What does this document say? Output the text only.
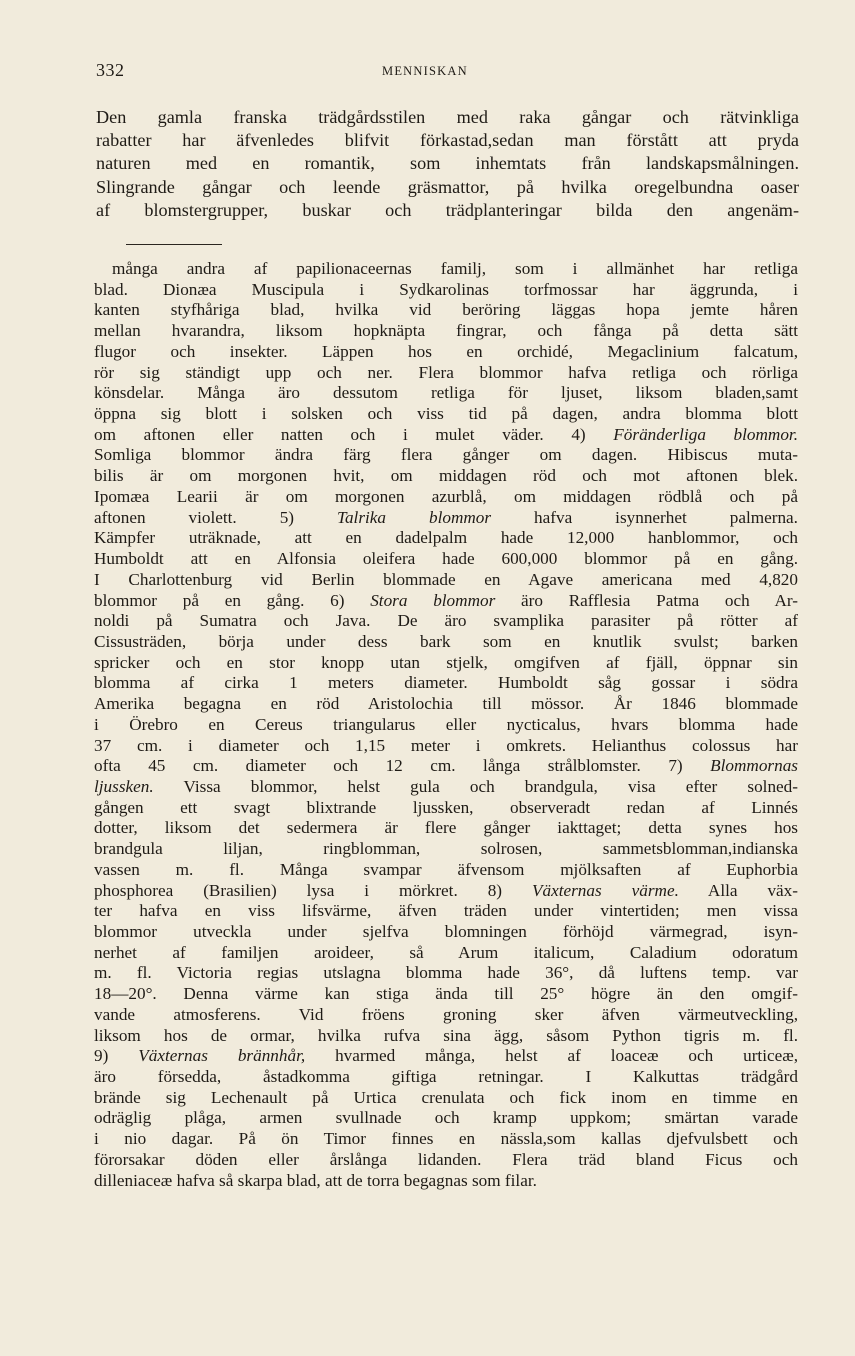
332	MENNISKAN
Den gamla franska trädgårdsstilen med raka gångar och rätvinkliga
rabatter har äfvenledes blifvit förkastad,sedan man förstått att pryda
naturen med en romantik, som inhemtats från landskapsmålningen.
Slingrande gångar och leende gräsmattor, på hvilka oregelbundna oaser
af blomstergrupper, buskar och trädplanteringar bilda den angenäm-
många andra af papilionaceernas familj, som i allmänhet har retliga
blad. Dionæa Muscipula i Sydkarolinas torfmossar har äggrunda, i
kanten styfhåriga blad, hvilka vid beröring läggas hopa jemte håren
mellan hvarandra, liksom hopknäpta fingrar, och fånga på detta sätt
flugor och insekter. Läppen hos en orchidé, Megaclinium falcatum,
rör sig ständigt upp och ner. Flera blommor hafva retliga och rörliga
könsdelar. Många äro dessutom retliga för ljuset, liksom bladen,samt
öppna sig blott i solsken och viss tid på dagen, andra blomma blott
om aftonen eller natten och i mulet väder. 4) Föränderliga blommor.
Somliga blommor ändra färg flera gånger om dagen. Hibiscus muta-
bilis är om morgonen hvit, om middagen röd och mot aftonen blek.
Ipomæa Learii är om morgonen azurblå, om middagen rödblå och på
aftonen violett. 5) Talrika blommor hafva isynnerhet palmerna.
Kämpfer uträknade, att en dadelpalm hade 12,000 hanblommor, och
Humboldt att en Alfonsia oleifera hade 600,000 blommor på en gång.
I Charlottenburg vid Berlin blommade en Agave americana med 4,820
blommor på en gång. 6) Stora blommor äro Rafflesia Patma och Ar-
noldi på Sumatra och Java. De äro svamplika parasiter på rötter af
Cissusträden, börja under dess bark som en knutlik svulst; barken
spricker och en stor knopp utan stjelk, omgifven af fjäll, öppnar sin
blomma af cirka 1 meters diameter. Humboldt såg gossar i södra
Amerika begagna en röd Aristolochia till mössor. År 1846 blommade
i Örebro en Cereus triangularus eller nycticalus, hvars blomma hade
37 cm. i diameter och 1,15 meter i omkrets. Helianthus colossus har
ofta 45 cm. diameter och 12 cm. långa strålblomster. 7) Blommornas
ljussken. Vissa blommor, helst gula och brandgula, visa efter solned-
gången ett svagt blixtrande ljussken, observeradt redan af Linnés
dotter, liksom det sedermera är flere gånger iakttaget; detta synes hos
brandgula liljan, ringblomman, solrosen, sammetsblomman,indianska
vassen m. fl. Många svampar äfvensom mjölksaften af Euphorbia
phosphorea (Brasilien) lysa i mörkret. 8) Växternas värme. Alla väx-
ter hafva en viss lifsvärme, äfven träden under vintertiden; men vissa
blommor utveckla under sjelfva blomningen förhöjd värmegrad, isyn-
nerhet af familjen aroideer, så Arum italicum, Caladium odoratum
m. fl. Victoria regias utslagna blomma hade 36°, då luftens temp. var
18—20°. Denna värme kan stiga ända till 25° högre än den omgif-
vande atmosferens. Vid fröens groning sker äfven värmeutveckling,
liksom hos de ormar, hvilka rufva sina ägg, såsom Python tigris m. fl.
9) Växternas brännhår, hvarmed många, helst af loaceæ och urticeæ,
äro försedda, åstadkomma giftiga retningar. I Kalkuttas trädgård
brände sig Lechenault på Urtica crenulata och fick inom en timme en
odräglig plåga, armen svullnade och kramp uppkom; smärtan varade
i nio dagar. På ön Timor finnes en nässla,som kallas djefvulsbett och
förorsakar döden eller årslånga lidanden. Flera träd bland Ficus och
dilleniaceæ hafva så skarpa blad, att de torra begagnas som filar.
